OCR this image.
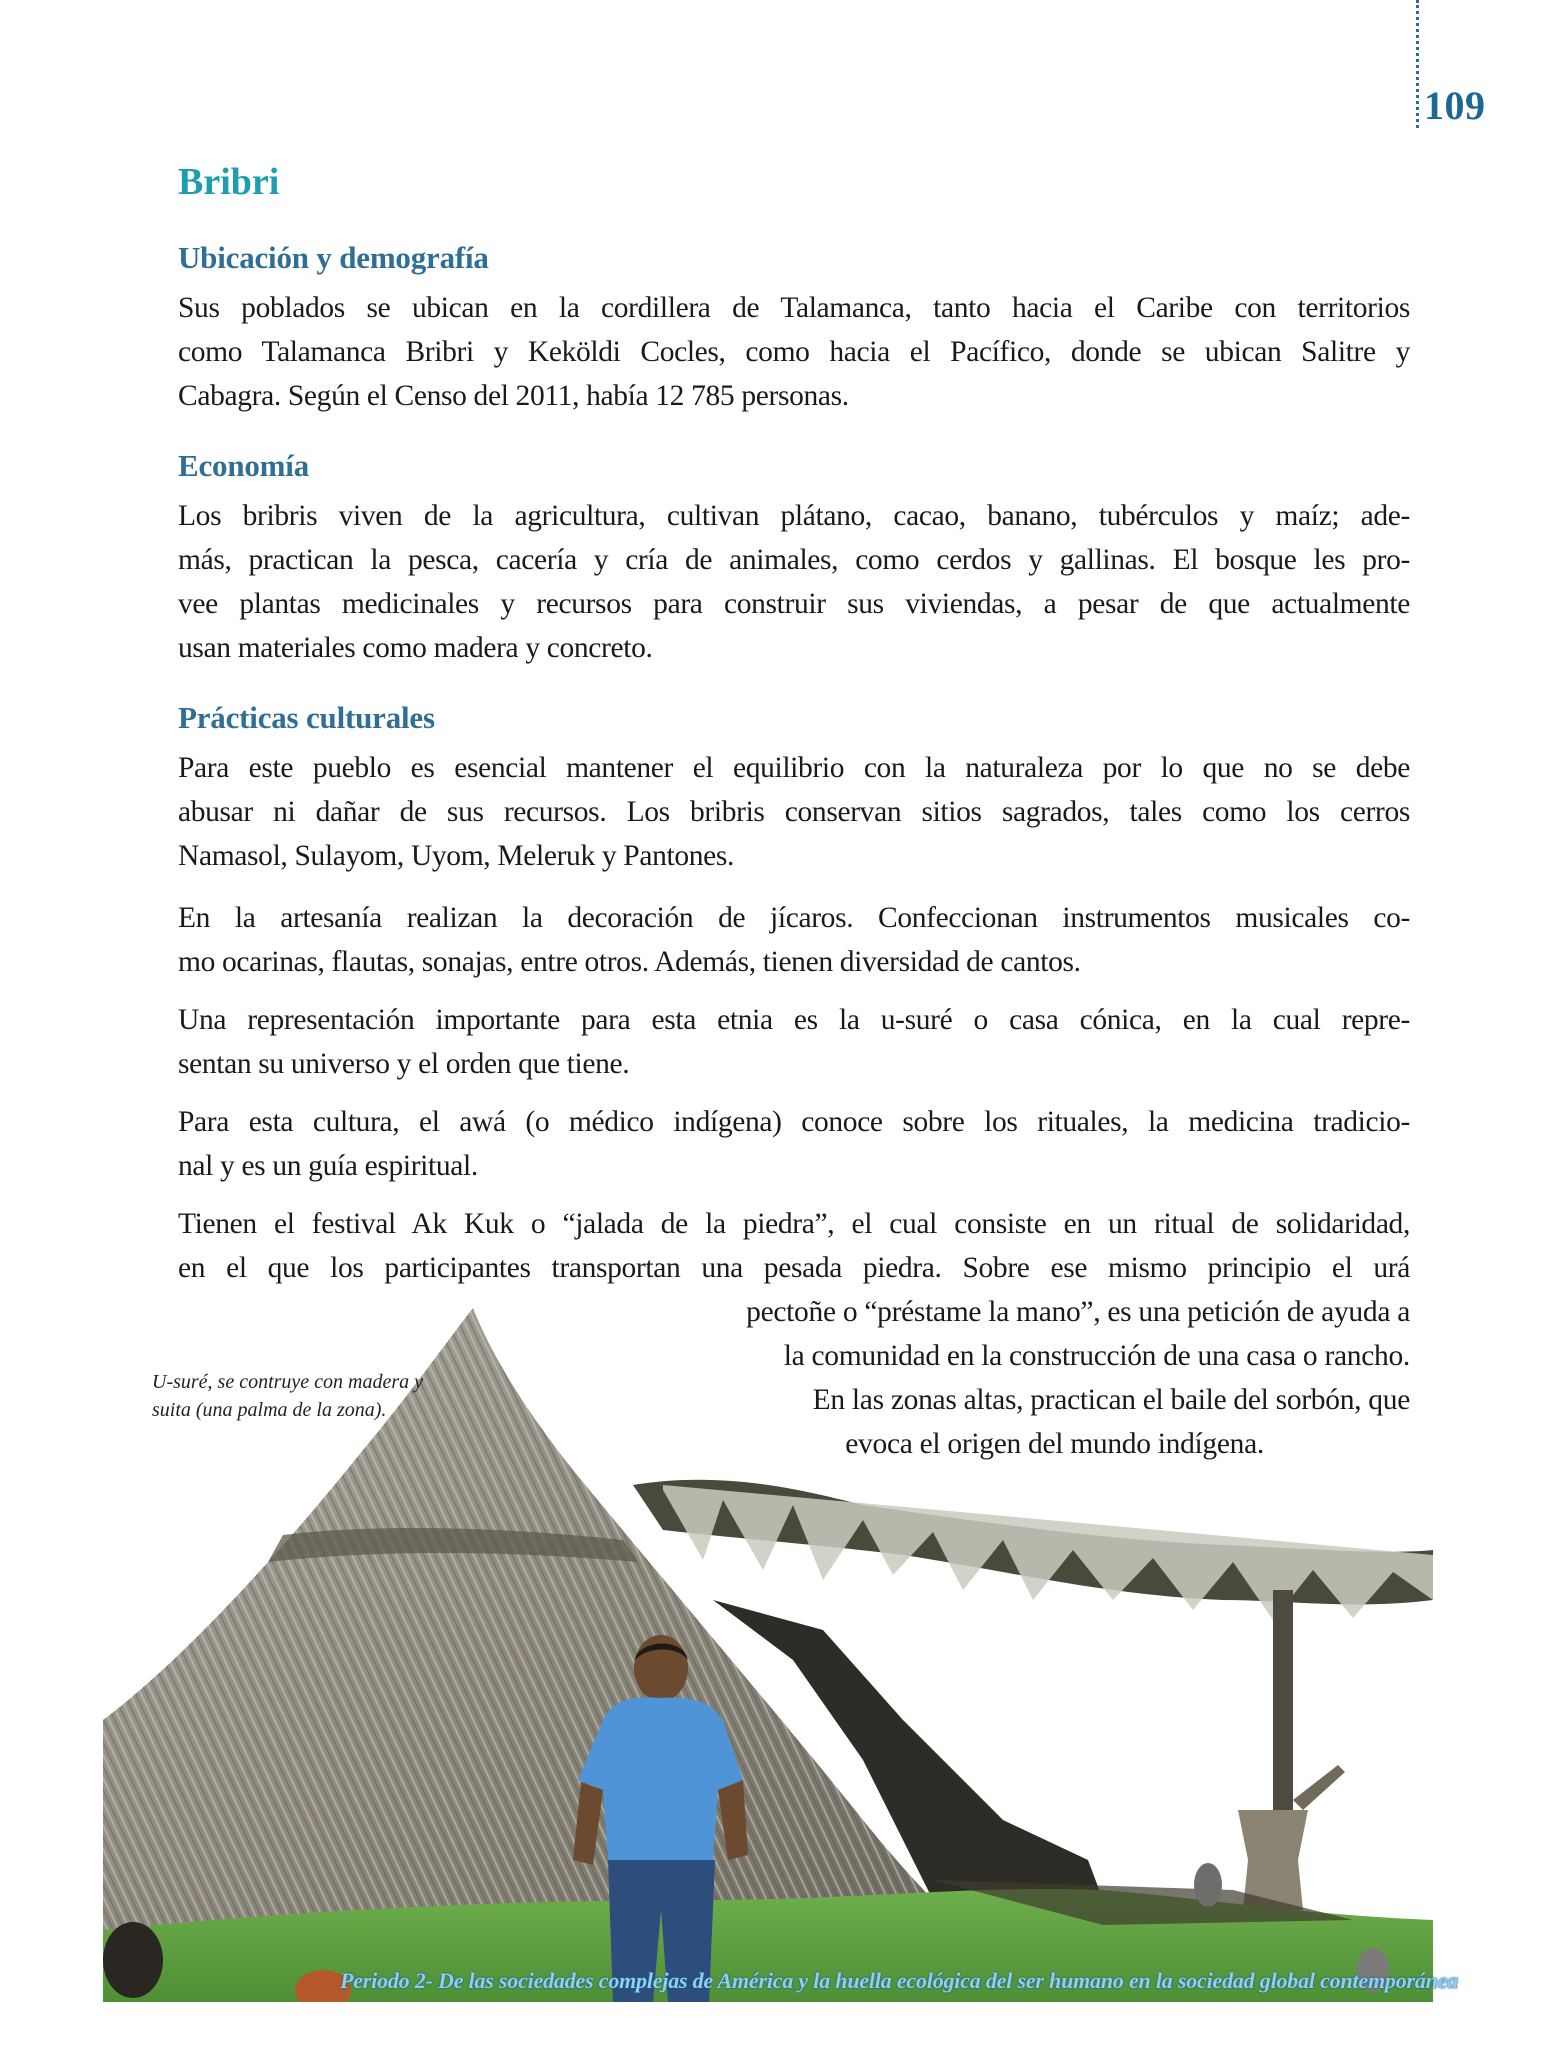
109
Bribri
Ubicación y demografía
Sus poblados se ubican en la cordillera de Talamanca, tanto hacia el Caribe con territorios
como Talamanca Bribri y Keköldi Cocles, como hacia el Pacífico, donde se ubican Salitre y
Cabagra. Según el Censo del 2011, había 12 785 personas.
Economía
Los bribris viven de la agricultura, cultivan plátano, cacao, banano, tubérculos y maíz; ade-
más, practican la pesca, cacería y cría de animales, como cerdos y gallinas. El bosque les pro-
vee plantas medicinales y recursos para construir sus viviendas, a pesar de que actualmente
usan materiales como madera y concreto.
Prácticas culturales
Para este pueblo es esencial mantener el equilibrio con la naturaleza por lo que no se debe
abusar ni dañar de sus recursos. Los bribris conservan sitios sagrados, tales como los cerros
Namasol, Sulayom, Uyom, Meleruk y Pantones.
En la artesanía realizan la decoración de jícaros. Confeccionan instrumentos musicales co-
mo ocarinas, flautas, sonajas, entre otros. Además, tienen diversidad de cantos.
Una representación importante para esta etnia es la u-suré o casa cónica, en la cual repre-
sentan su universo y el orden que tiene.
Para esta cultura, el awá (o médico indígena) conoce sobre los rituales, la medicina tradicio-
nal y es un guía espiritual.
Tienen el festival Ak Kuk o “jalada de la piedra”, el cual consiste en un ritual de solidaridad,
en el que los participantes transportan una pesada piedra. Sobre ese mismo principio el urá
pectoñe o “préstame la mano”, es una petición de ayuda a
la comunidad en la construcción de una casa o rancho.
En las zonas altas, practican el baile del sorbón, que
evoca el origen del mundo indígena.
U-suré, se contruye con madera y
suita (una palma de la zona).
Periodo 2- De las sociedades complejas de América y la huella ecológica del ser humano en la sociedad global contemporánea
